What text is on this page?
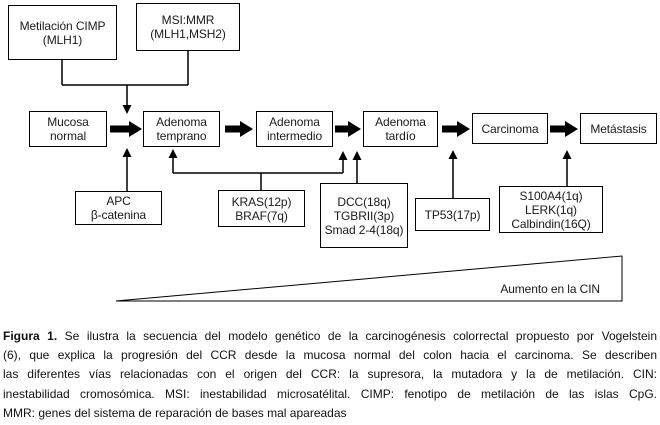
Metilación CIMP
(MLH1)
MSI:MMR
(MLH1,MSH2)
Mucosa
normal
Adenoma
temprano
Adenoma
intermedio
Adenoma
tardío
Carcinoma	Metástasis
APC
β-catenina
KRAS(12p)
BRAF(7q)
DCC(18q)
TGBRII(3p)
Smad 2-4(18q)
TP53(17p)
S100A4(1q)
LERK(1q)
Calbindin(16Q)
Aumento en la CIN
Figura 1. Se ilustra la secuencia del modelo genético de la carcinogénesis colorrectal propuesto por Vogelstein
(6), que explica la progresión del CCR desde la mucosa normal del colon hacia el carcinoma. Se describen
las diferentes vías relacionadas con el origen del CCR: la supresora, la mutadora y la de metilación. CIN:
inestabilidad cromosómica. MSI: inestabilidad microsatélital. CIMP: fenotipo de metilación de las islas CpG.
MMR: genes del sistema de reparación de bases mal apareadas
